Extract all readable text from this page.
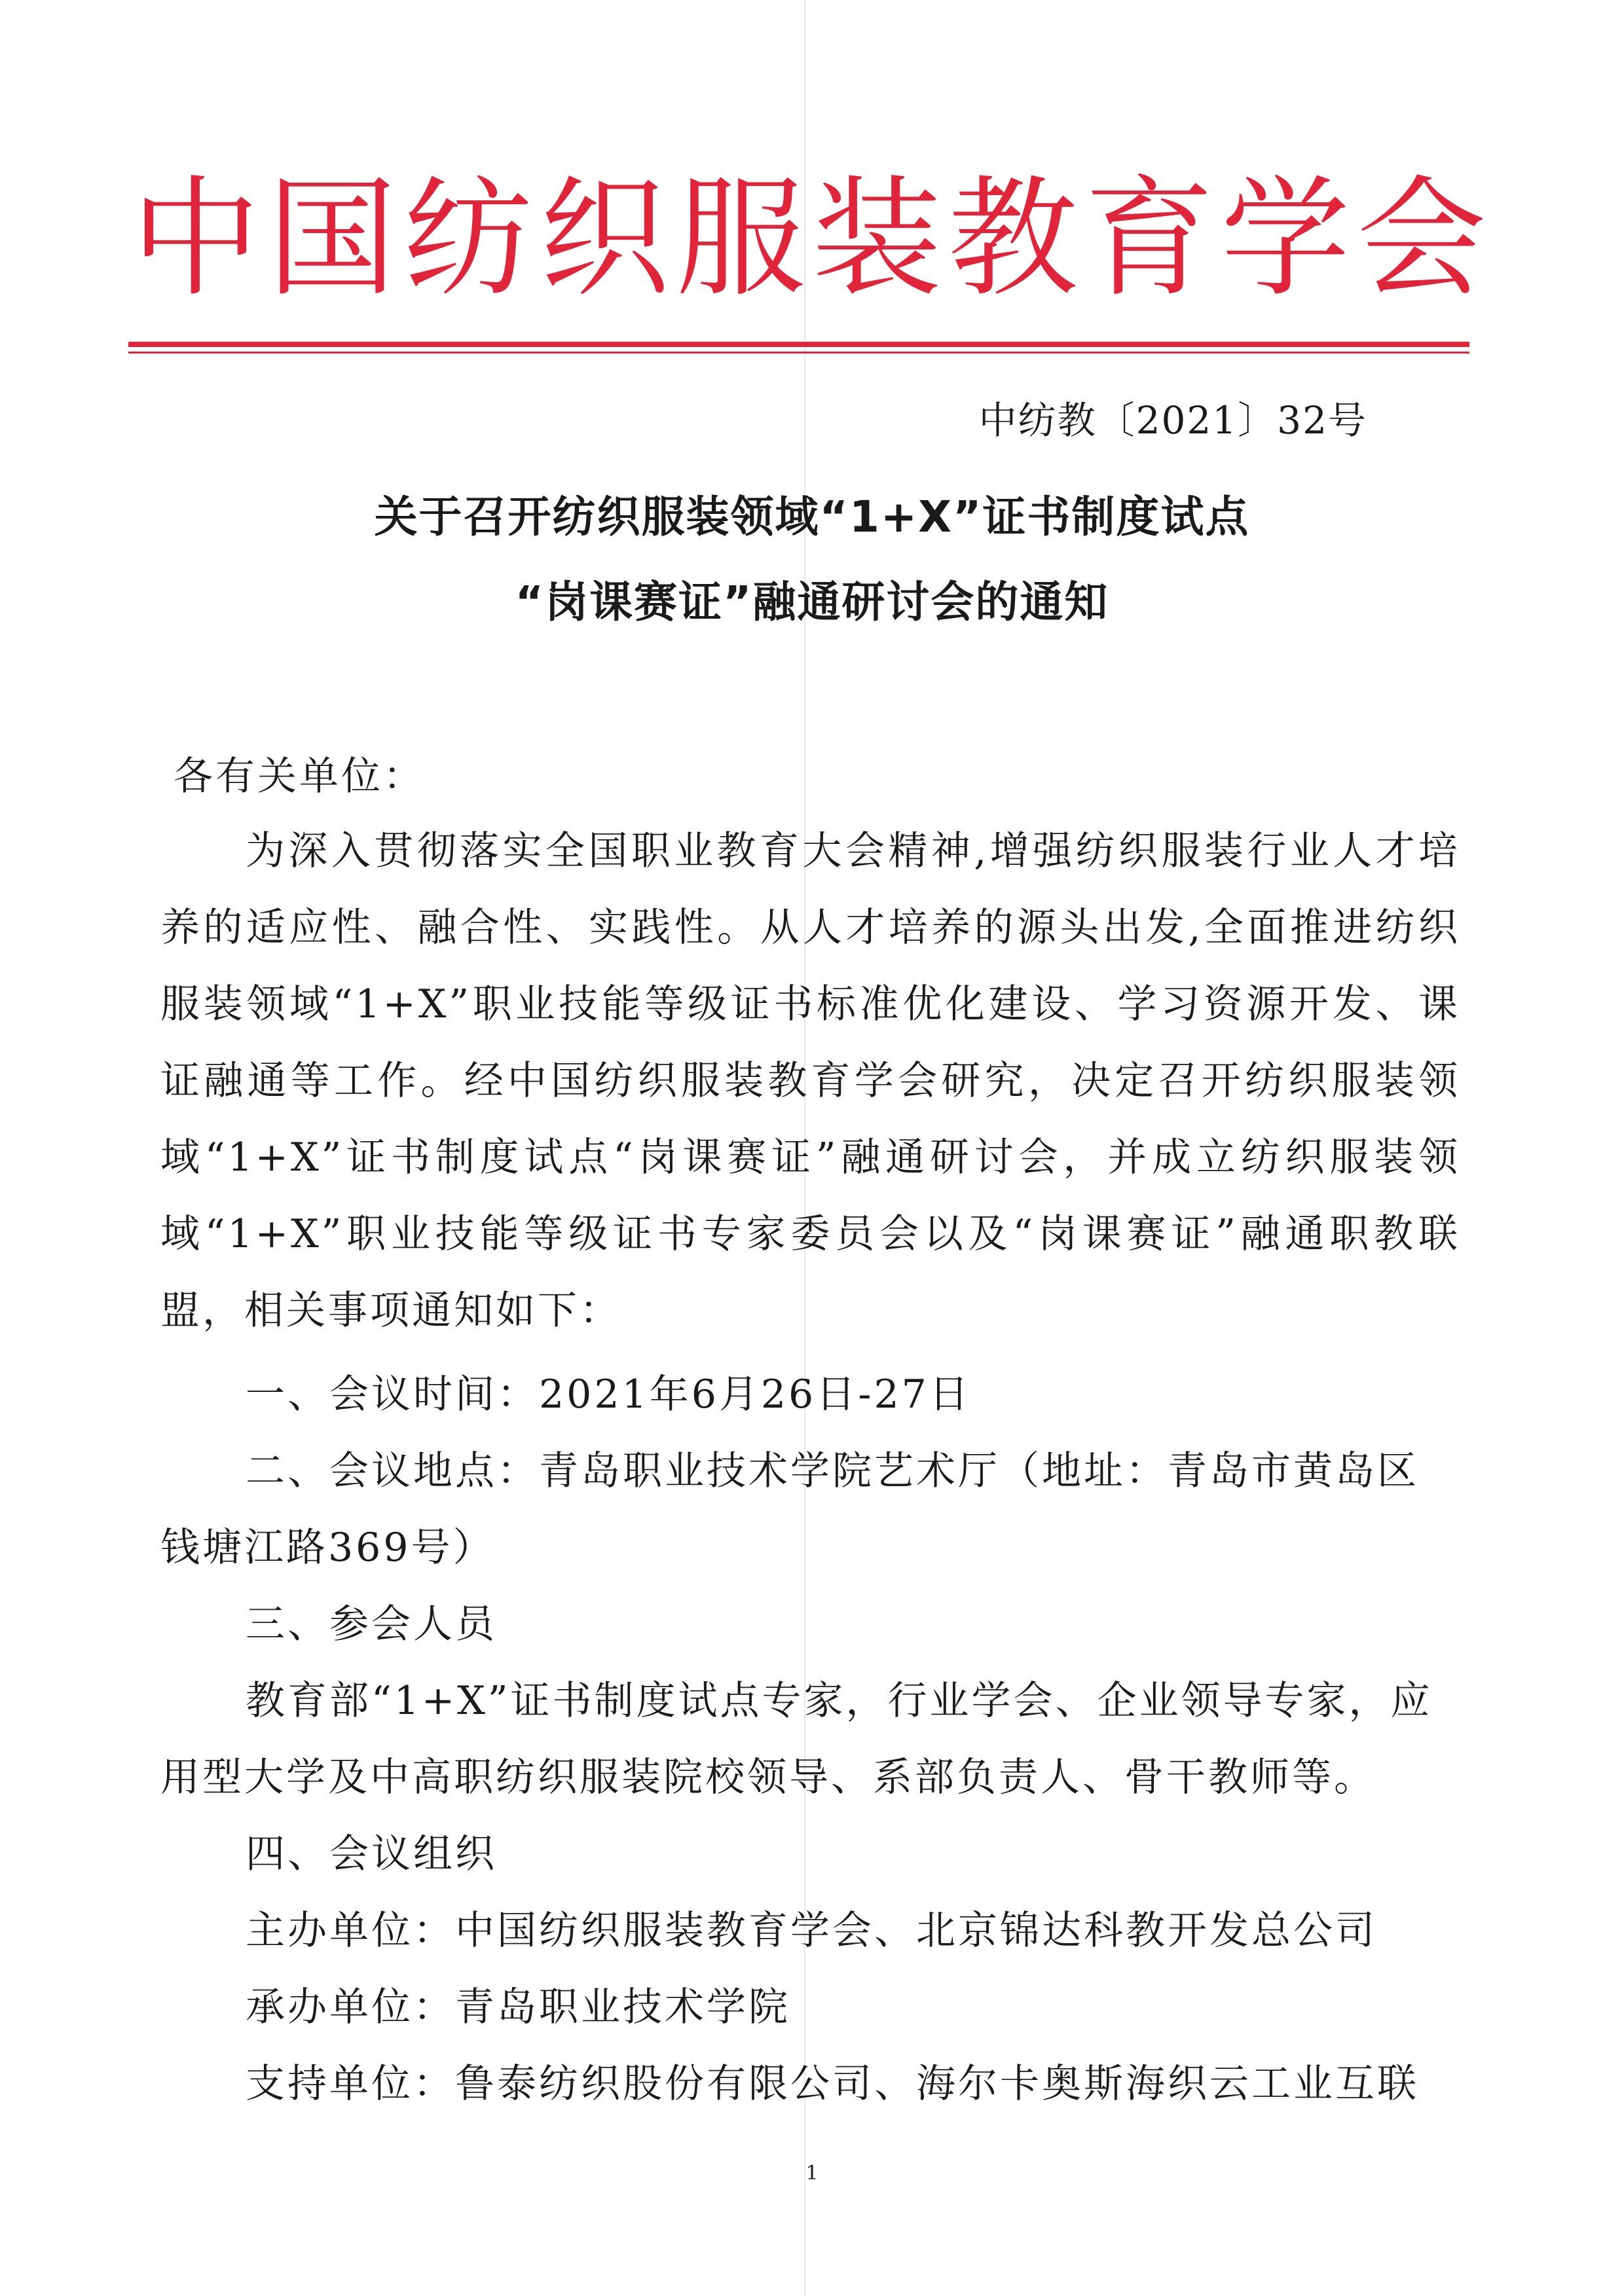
中国纺织服装教育学会
中纺教〔2021〕32号
关于召开纺织服装领域“1+X”证书制度试点
“岗课赛证”融通研讨会的通知
各有关单位：
为深入贯彻落实全国职业教育大会精神,增强纺织服装行业人才培养的适应性、融合性、实践性。从人才培养的源头出发,全面推进纺织服装领域“1+X”职业技能等级证书标准优化建设、学习资源开发、课证融通等工作。经中国纺织服装教育学会研究，决定召开纺织服装领域“1+X”证书制度试点“岗课赛证”融通研讨会，并成立纺织服装领域“1+X”职业技能等级证书专家委员会以及“岗课赛证”融通职教联盟，相关事项通知如下：
一、会议时间：2021年6月26日-27日
二、会议地点：青岛职业技术学院艺术厅（地址：青岛市黄岛区
钱塘江路369号）
三、参会人员
教育部“1+X”证书制度试点专家，行业学会、企业领导专家，应
用型大学及中高职纺织服装院校领导、系部负责人、骨干教师等。
四、会议组织
主办单位：中国纺织服装教育学会、北京锦达科教开发总公司
承办单位：青岛职业技术学院
支持单位：鲁泰纺织股份有限公司、海尔卡奥斯海织云工业互联
1
